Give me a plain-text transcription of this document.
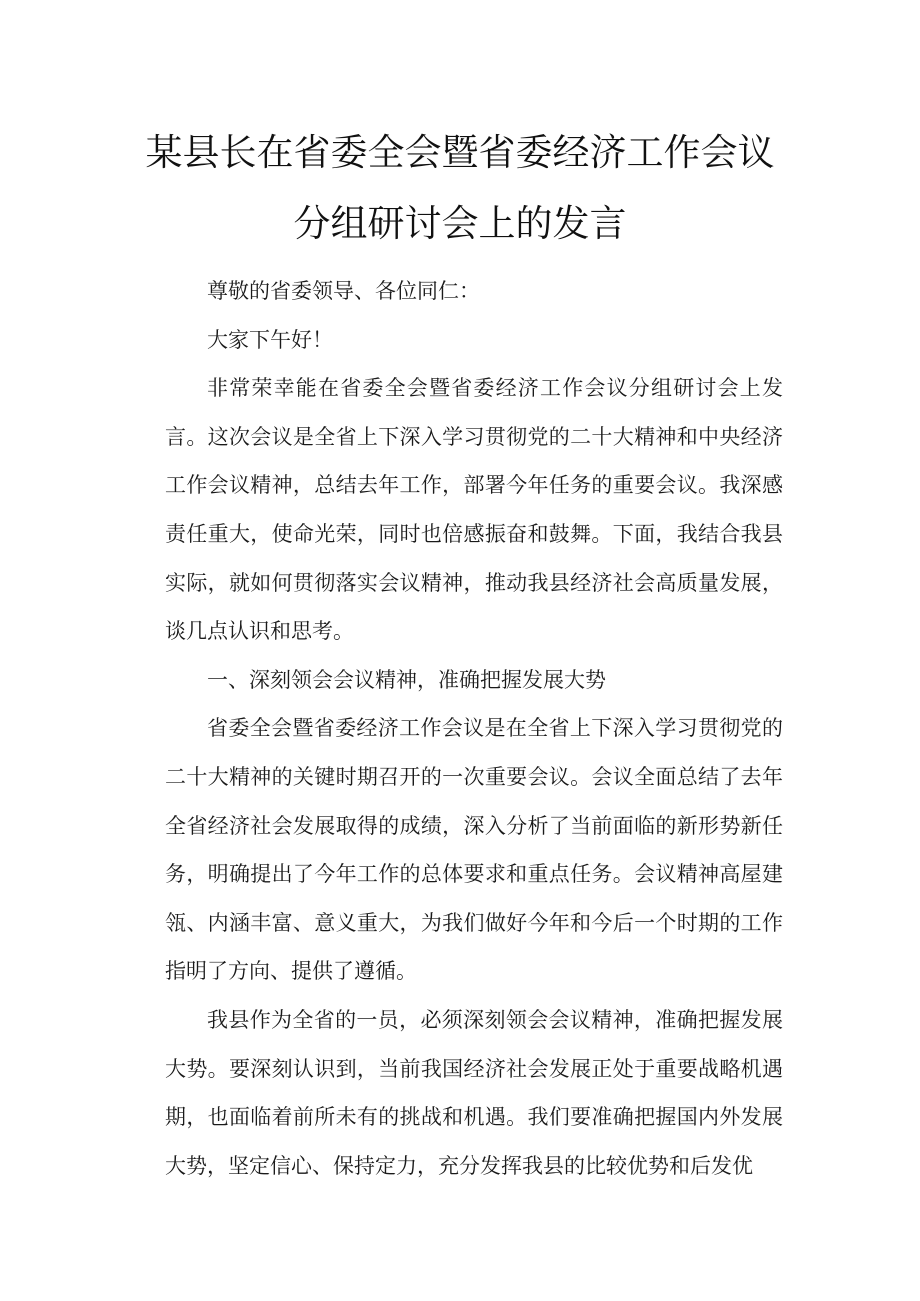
某县长在省委全会暨省委经济工作会议
分组研讨会上的发言

尊敬的省委领导、各位同仁：

大家下午好！

非常荣幸能在省委全会暨省委经济工作会议分组研讨会上发言。这次会议是全省上下深入学习贯彻党的二十大精神和中央经济工作会议精神，总结去年工作，部署今年任务的重要会议。我深感责任重大，使命光荣，同时也倍感振奋和鼓舞。下面，我结合我县实际，就如何贯彻落实会议精神，推动我县经济社会高质量发展，谈几点认识和思考。

一、深刻领会会议精神，准确把握发展大势

省委全会暨省委经济工作会议是在全省上下深入学习贯彻党的二十大精神的关键时期召开的一次重要会议。会议全面总结了去年全省经济社会发展取得的成绩，深入分析了当前面临的新形势新任务，明确提出了今年工作的总体要求和重点任务。会议精神高屋建瓴、内涵丰富、意义重大，为我们做好今年和今后一个时期的工作指明了方向、提供了遵循。

我县作为全省的一员，必须深刻领会会议精神，准确把握发展大势。要深刻认识到，当前我国经济社会发展正处于重要战略机遇期，也面临着前所未有的挑战和机遇。我们要准确把握国内外发展大势，坚定信心、保持定力，充分发挥我县的比较优势和后发优
